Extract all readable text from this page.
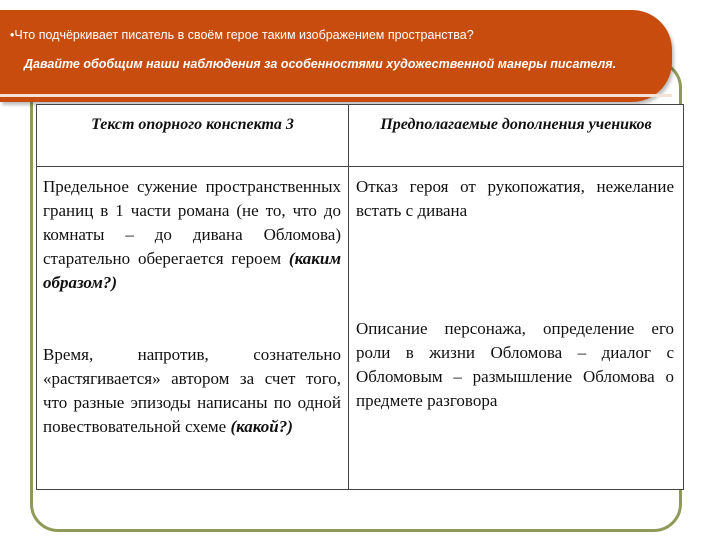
•Что подчёркивает писатель в своём герое таким изображением пространства?
Давайте обобщим наши наблюдения за особенностями художественной манеры писателя.
Текст опорного конспекта 3	Предполагаемые дополнения учеников
Предельное сужение пространственных границ в 1 части романа (не то, что до комнаты – до дивана Обломова) старательно оберегается героем (каким образом?)
Отказ героя от рукопожатия, нежелание встать с дивана
Время, напротив, сознательно «растягивается» автором за счет того, что разные эпизоды написаны по одной повествовательной схеме (какой?)
Описание персонажа, определение его роли в жизни Обломова – диалог с Обломовым – размышление Обломова о предмете разговора
